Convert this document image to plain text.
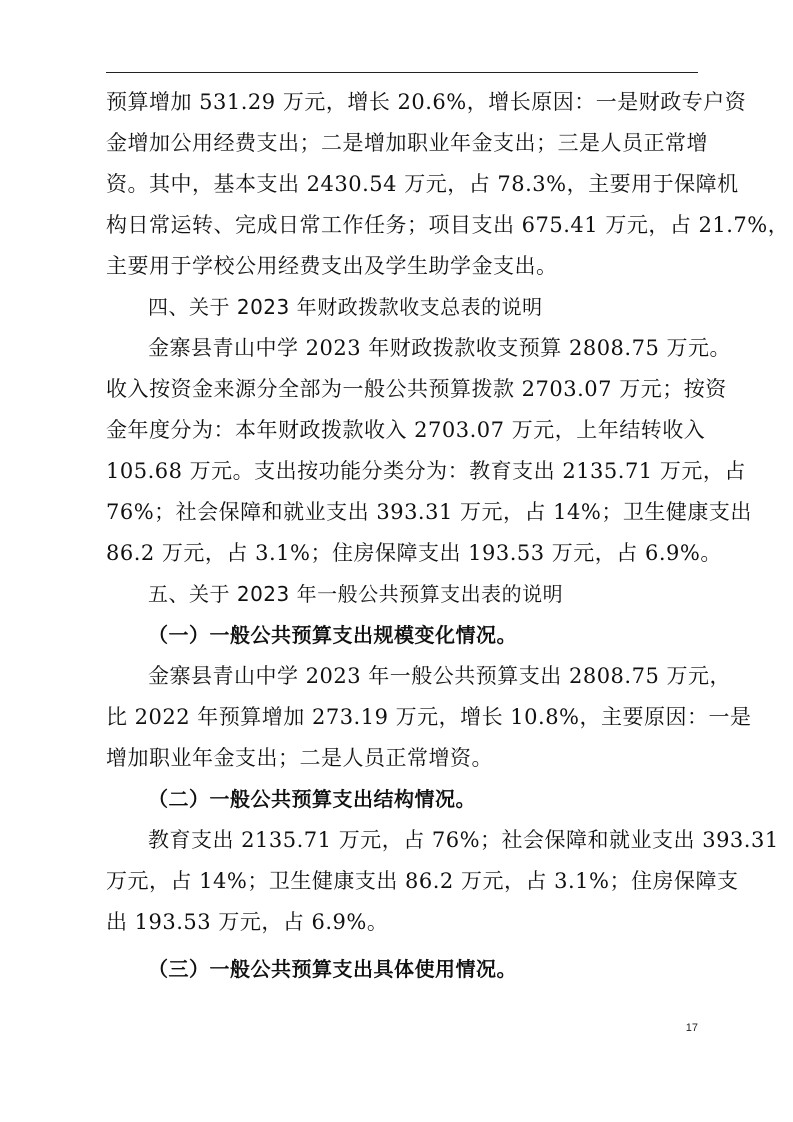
预算增加 531.29 万元，增长 20.6%，增长原因：一是财政专户资
金增加公用经费支出；二是增加职业年金支出；三是人员正常增
资。其中，基本支出 2430.54 万元，占 78.3%，主要用于保障机
构日常运转、完成日常工作任务；项目支出 675.41 万元，占 21.7%，
主要用于学校公用经费支出及学生助学金支出。
四、关于 2023 年财政拨款收支总表的说明
金寨县青山中学 2023 年财政拨款收支预算 2808.75 万元。
收入按资金来源分全部为一般公共预算拨款 2703.07 万元；按资
金年度分为：本年财政拨款收入 2703.07 万元，上年结转收入
105.68 万元。支出按功能分类分为：教育支出 2135.71 万元，占
76%；社会保障和就业支出 393.31 万元，占 14%；卫生健康支出
86.2 万元，占 3.1%；住房保障支出 193.53 万元，占 6.9%。
五、关于 2023 年一般公共预算支出表的说明
（一）一般公共预算支出规模变化情况。
金寨县青山中学 2023 年一般公共预算支出 2808.75 万元，
比 2022 年预算增加 273.19 万元，增长 10.8%，主要原因：一是
增加职业年金支出；二是人员正常增资。
（二）一般公共预算支出结构情况。
教育支出 2135.71 万元，占 76%；社会保障和就业支出 393.31
万元，占 14%；卫生健康支出 86.2 万元，占 3.1%；住房保障支
出 193.53 万元，占 6.9%。
（三）一般公共预算支出具体使用情况。
17
